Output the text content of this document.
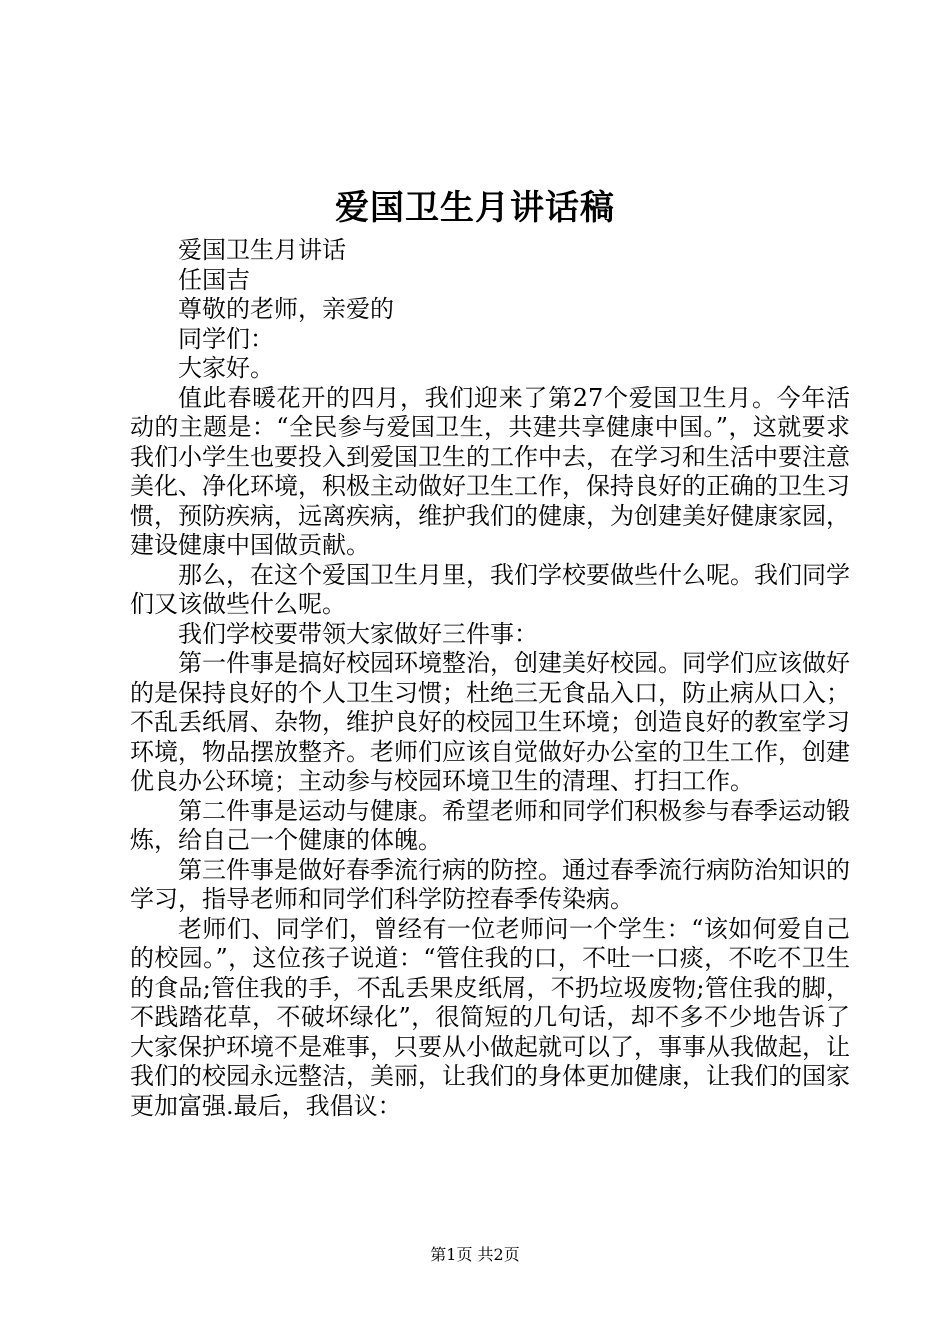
爱国卫生月讲话稿

爱国卫生月讲话

任国吉

尊敬的老师，亲爱的

同学们：

大家好。

值此春暖花开的四月，我们迎来了第27个爱国卫生月。今年活动的主题是：“全民参与爱国卫生，共建共享健康中国。”，这就要求我们小学生也要投入到爱国卫生的工作中去，在学习和生活中要注意美化、净化环境，积极主动做好卫生工作，保持良好的正确的卫生习惯，预防疾病，远离疾病，维护我们的健康，为创建美好健康家园，建设健康中国做贡献。

那么，在这个爱国卫生月里，我们学校要做些什么呢。我们同学们又该做些什么呢。

我们学校要带领大家做好三件事：

第一件事是搞好校园环境整治，创建美好校园。同学们应该做好的是保持良好的个人卫生习惯；杜绝三无食品入口，防止病从口入；不乱丢纸屑、杂物，维护良好的校园卫生环境；创造良好的教室学习环境，物品摆放整齐。老师们应该自觉做好办公室的卫生工作，创建优良办公环境；主动参与校园环境卫生的清理、打扫工作。

第二件事是运动与健康。希望老师和同学们积极参与春季运动锻炼，给自己一个健康的体魄。

第三件事是做好春季流行病的防控。通过春季流行病防治知识的学习，指导老师和同学们科学防控春季传染病。

老师们、同学们，曾经有一位老师问一个学生：“该如何爱自己的校园。”，这位孩子说道：“管住我的口，不吐一口痰，不吃不卫生的食品;管住我的手，不乱丢果皮纸屑，不扔垃圾废物;管住我的脚，不践踏花草，不破坏绿化”，很简短的几句话，却不多不少地告诉了大家保护环境不是难事，只要从小做起就可以了，事事从我做起，让我们的校园永远整洁，美丽，让我们的身体更加健康，让我们的国家更加富强.最后，我倡议：

第1页 共2页
